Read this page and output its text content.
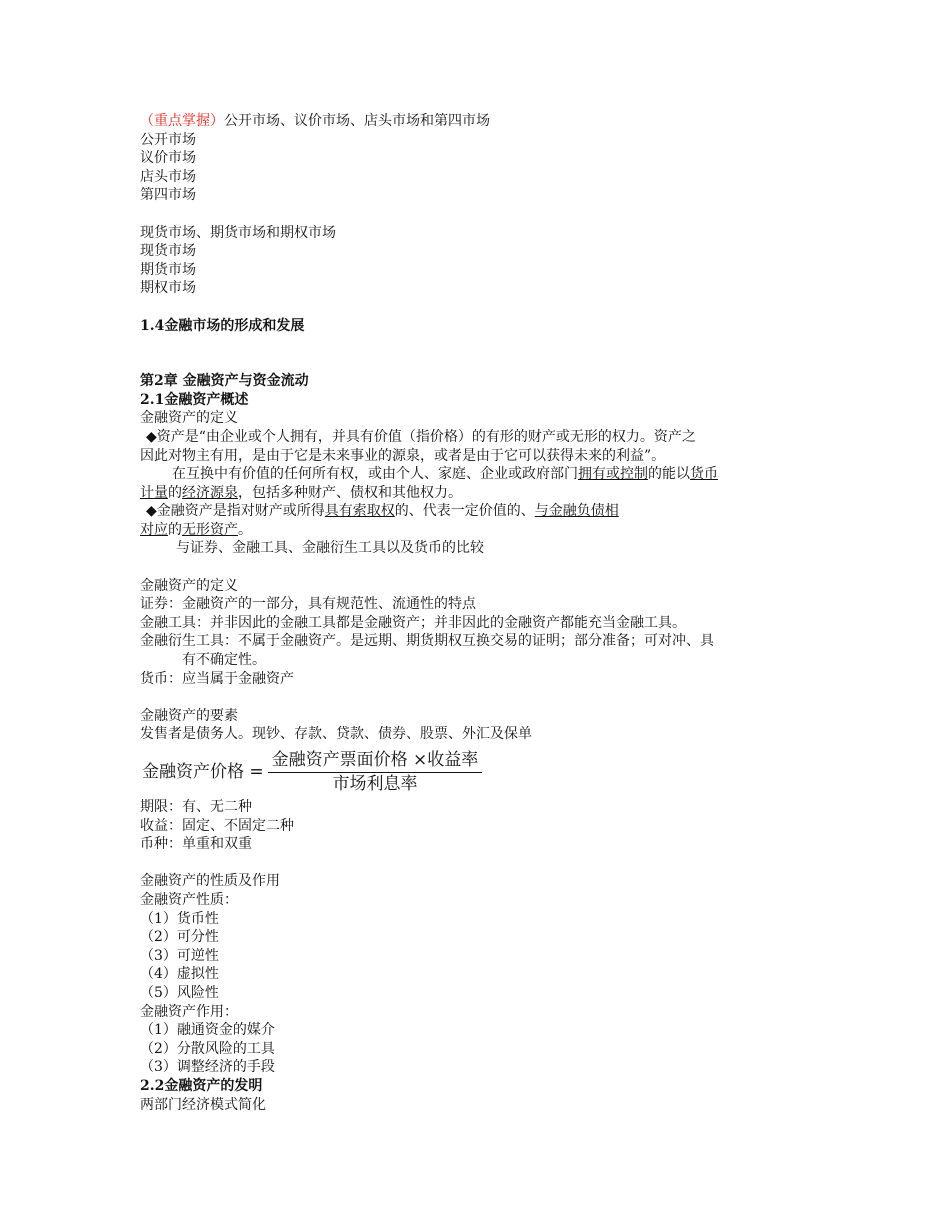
（重点掌握）公开市场、议价市场、店头市场和第四市场
公开市场
议价市场
店头市场
第四市场
现货市场、期货市场和期权市场
现货市场
期货市场
期权市场
1.4金融市场的形成和发展
第2章 金融资产与资金流动
2.1金融资产概述
金融资产的定义
◆资产是“由企业或个人拥有，并具有价值（指价格）的有形的财产或无形的权力。资产之
因此对物主有用，是由于它是未来事业的源泉，或者是由于它可以获得未来的利益”。
在互换中有价值的任何所有权，或由个人、家庭、企业或政府部门拥有或控制的能以货币
计量的经济源泉，包括多种财产、债权和其他权力。
◆金融资产是指对财产或所得具有索取权的、代表一定价值的、与金融负债相
对应的无形资产。
与证券、金融工具、金融衍生工具以及货币的比较
金融资产的定义
证券：金融资产的一部分，具有规范性、流通性的特点
金融工具：并非因此的金融工具都是金融资产；并非因此的金融资产都能充当金融工具。
金融衍生工具：不属于金融资产。是远期、期货期权互换交易的证明；部分准备；可对冲、具
有不确定性。
货币：应当属于金融资产
金融资产的要素
发售者是债务人。现钞、存款、贷款、债券、股票、外汇及保单
金融资产价格 = $\frac{\text{金融资产票面价格 ×收益率}}{\text{市场利息率}}$
期限：有、无二种
收益：固定、不固定二种
币种：单重和双重
金融资产的性质及作用
金融资产性质：
（1）货币性
（2）可分性
（3）可逆性
（4）虚拟性
（5）风险性
金融资产作用：
（1）融通资金的媒介
（2）分散风险的工具
（3）调整经济的手段
2.2金融资产的发明
两部门经济模式简化
